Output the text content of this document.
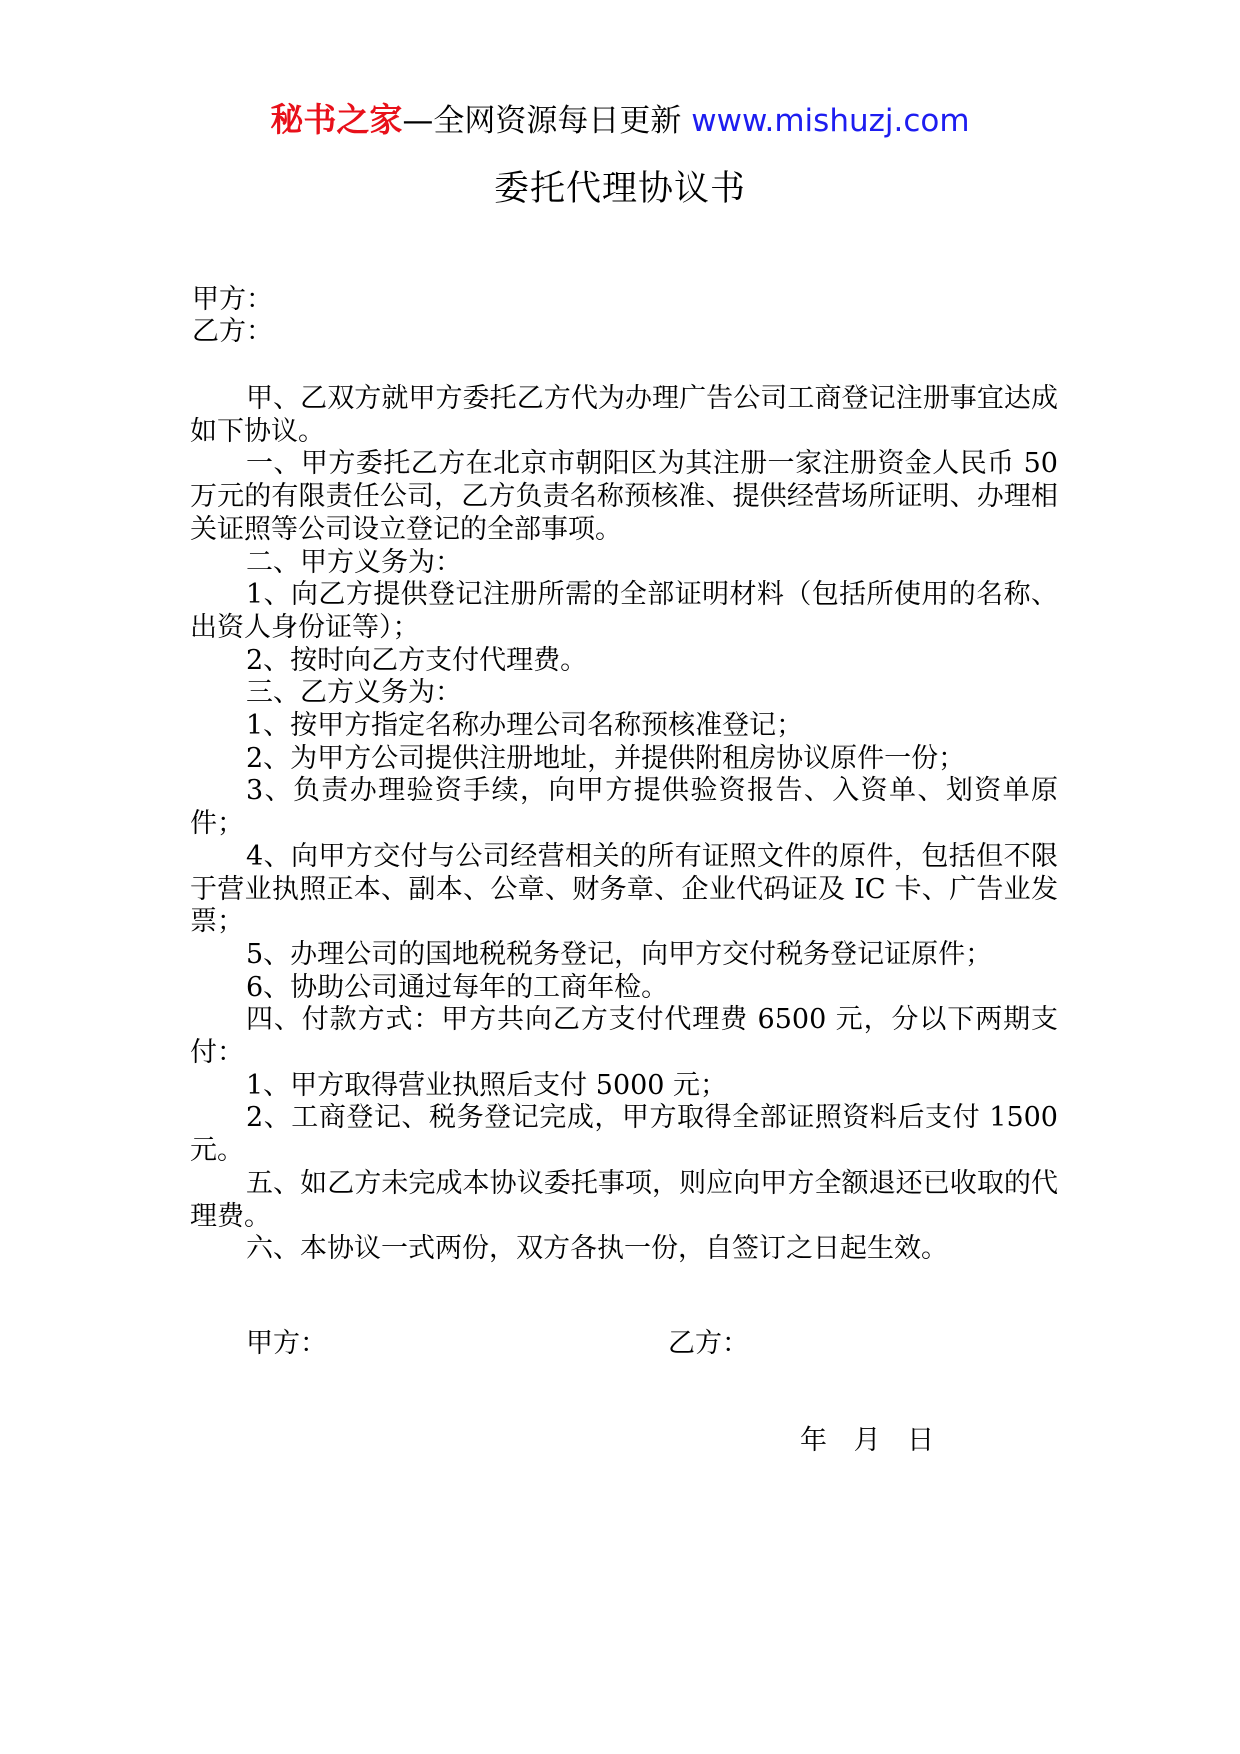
秘书之家—全网资源每日更新 www.mishuzj.com
委托代理协议书
甲方：
乙方：

甲、乙双方就甲方委托乙方代为办理广告公司工商登记注册事宜达成如下协议。

一、甲方委托乙方在北京市朝阳区为其注册一家注册资金人民币 50 万元的有限责任公司，乙方负责名称预核准、提供经营场所证明、办理相关证照等公司设立登记的全部事项。

二、甲方义务为：

1、向乙方提供登记注册所需的全部证明材料（包括所使用的名称、出资人身份证等）；

2、按时向乙方支付代理费。

三、乙方义务为：

1、按甲方指定名称办理公司名称预核准登记；

2、为甲方公司提供注册地址，并提供附租房协议原件一份；

3、负责办理验资手续，向甲方提供验资报告、入资单、划资单原件；

4、向甲方交付与公司经营相关的所有证照文件的原件，包括但不限于营业执照正本、副本、公章、财务章、企业代码证及 IC 卡、广告业发票；

5、办理公司的国地税税务登记，向甲方交付税务登记证原件；

6、协助公司通过每年的工商年检。

四、付款方式：甲方共向乙方支付代理费 6500 元，分以下两期支付：

1、甲方取得营业执照后支付 5000 元；

2、工商登记、税务登记完成，甲方取得全部证照资料后支付 1500 元。

五、如乙方未完成本协议委托事项，则应向甲方全额退还已收取的代理费。

六、本协议一式两份，双方各执一份，自签订之日起生效。

甲方：	乙方：
年 月 日
